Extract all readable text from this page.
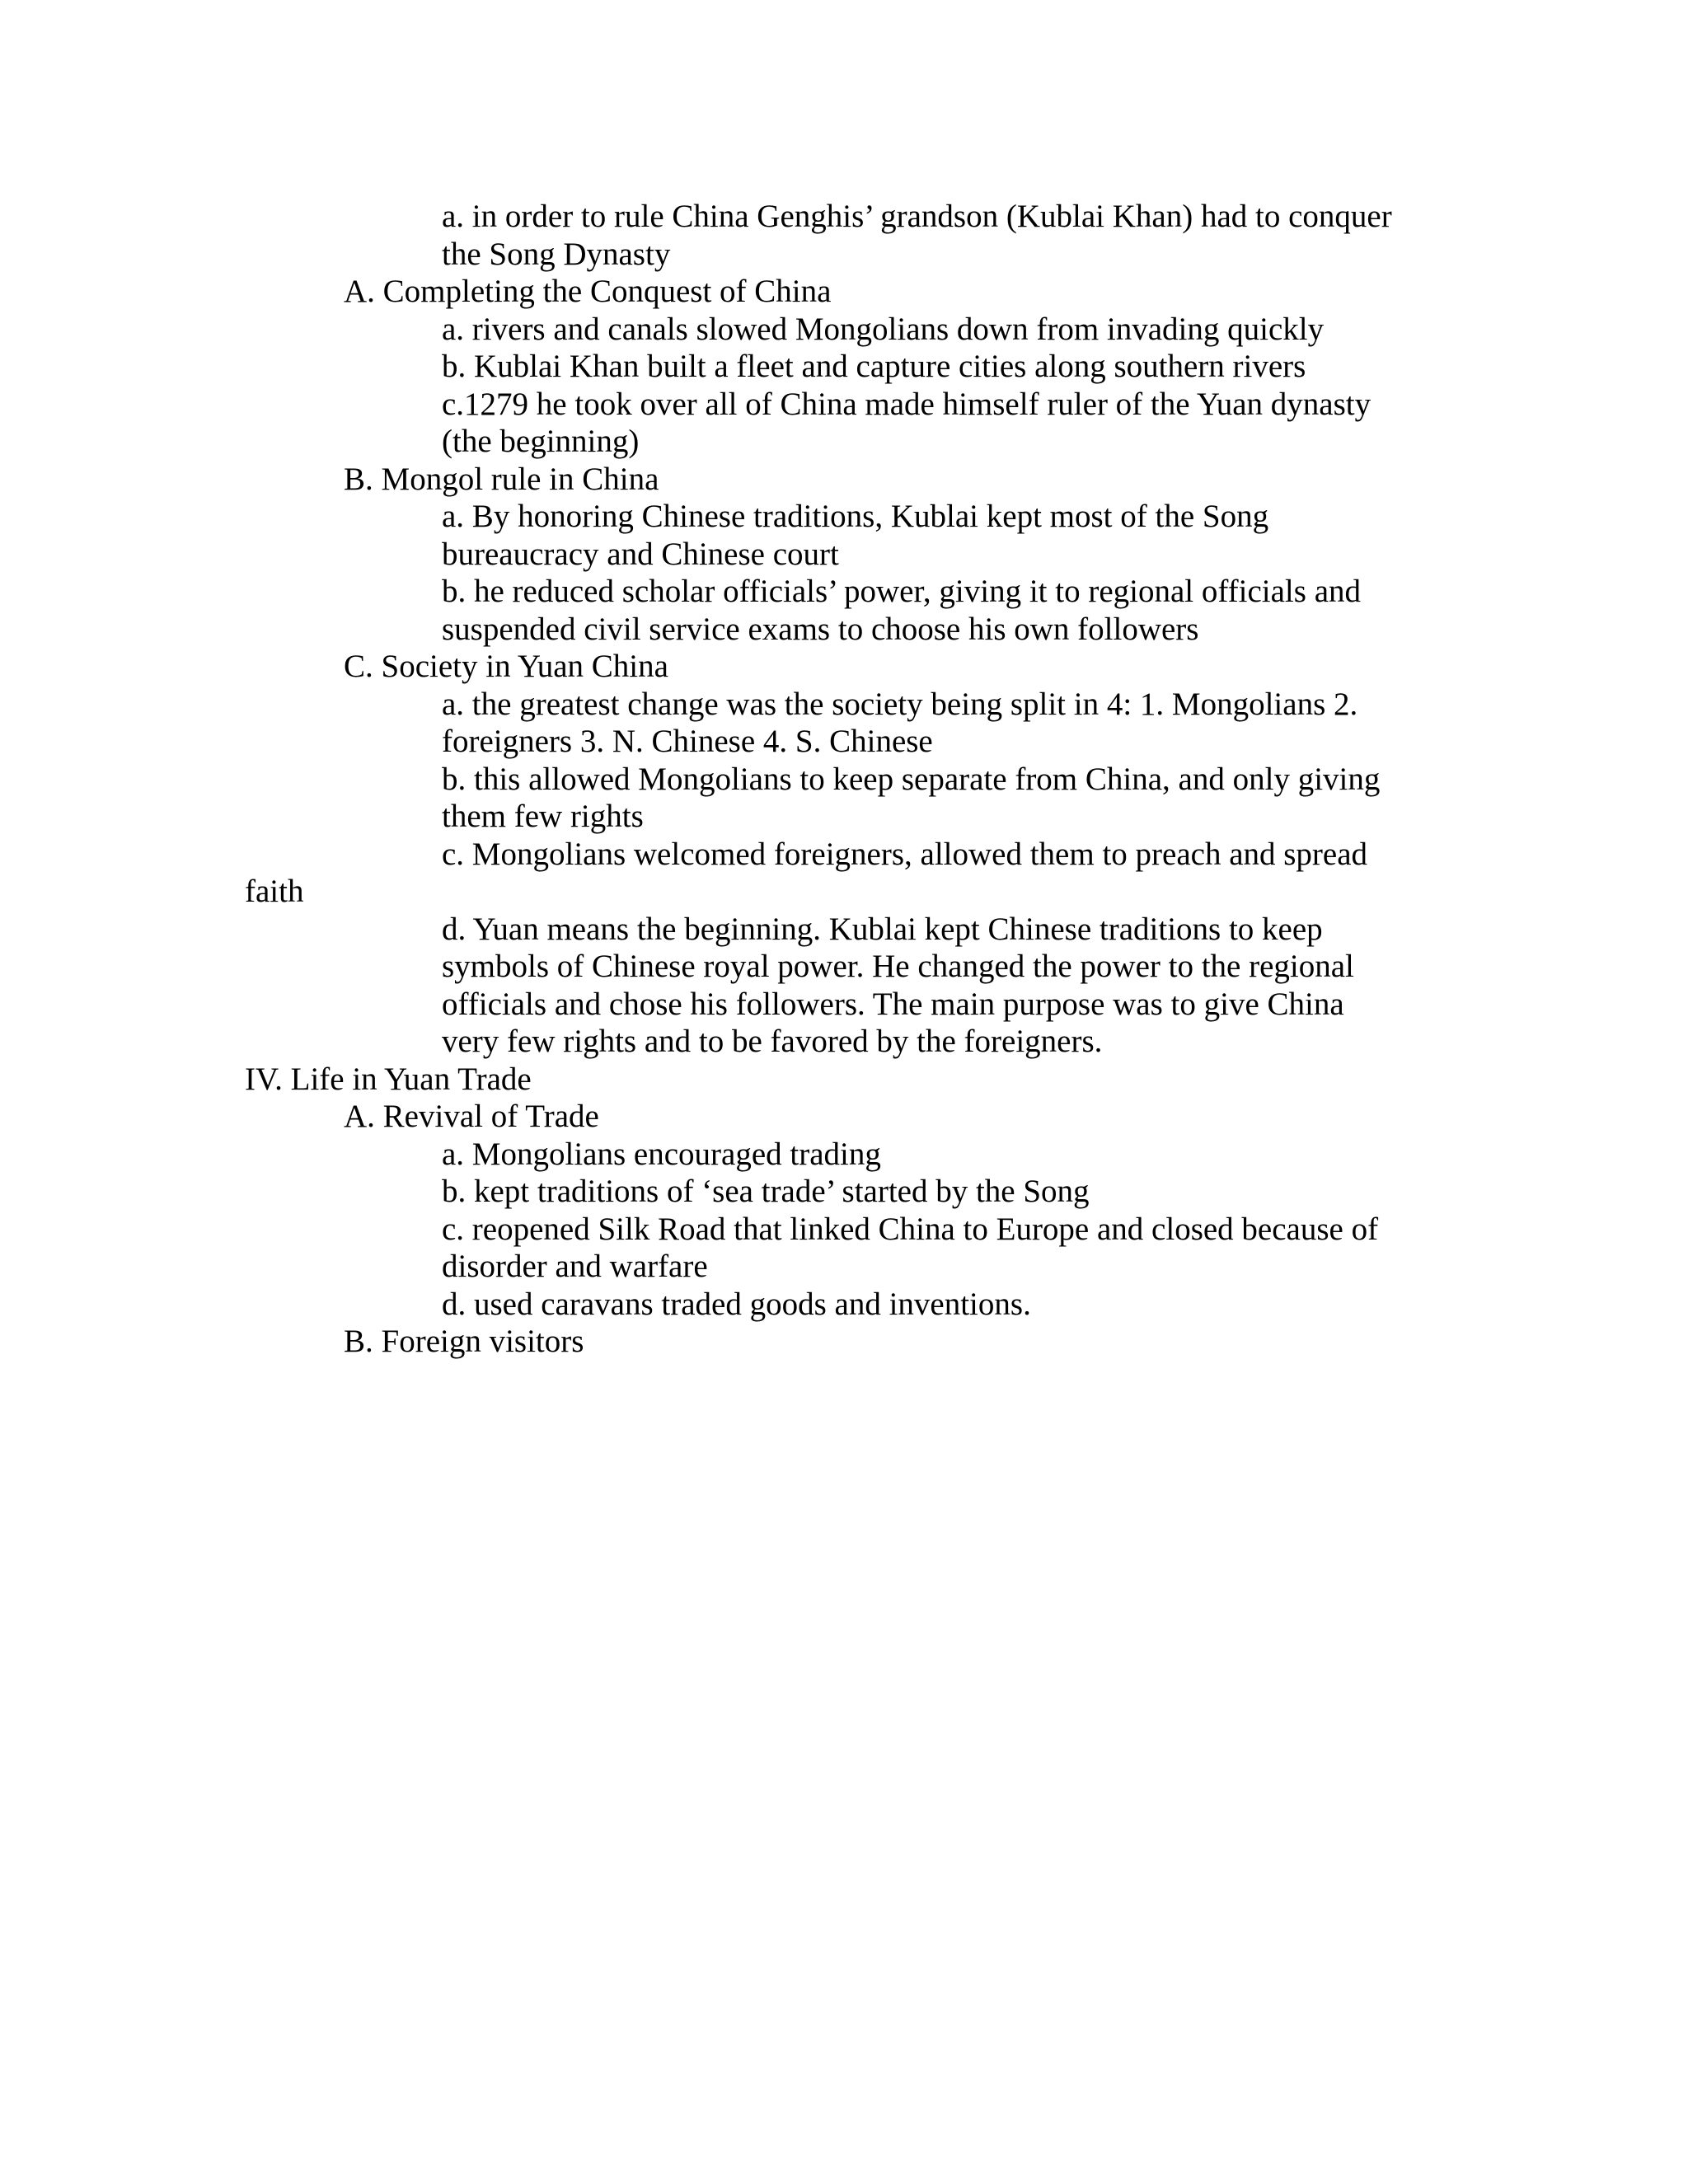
a. in order to rule China Genghis’ grandson (Kublai Khan) had to conquer

the Song Dynasty

A. Completing the Conquest of China

a. rivers and canals slowed Mongolians down from invading quickly

b. Kublai Khan built a fleet and capture cities along southern rivers

c.1279 he took over all of China made himself ruler of the Yuan dynasty

(the beginning)

B. Mongol rule in China

a. By honoring Chinese traditions, Kublai kept most of the Song

bureaucracy and Chinese court

b. he reduced scholar officials’ power, giving it to regional officials and

suspended civil service exams to choose his own followers

C. Society in Yuan China

a. the greatest change was the society being split in 4: 1. Mongolians 2.

foreigners 3. N. Chinese 4. S. Chinese

b. this allowed Mongolians to keep separate from China, and only giving

them few rights

c. Mongolians welcomed foreigners, allowed them to preach and spread

faith

d. Yuan means the beginning. Kublai kept Chinese traditions to keep

symbols of Chinese royal power. He changed the power to the regional

officials and chose his followers. The main purpose was to give China

very few rights and to be favored by the foreigners.

IV. Life in Yuan Trade

A. Revival of Trade

a. Mongolians encouraged trading

b. kept traditions of ‘sea trade’ started by the Song

c. reopened Silk Road that linked China to Europe and closed because of

disorder and warfare

d. used caravans traded goods and inventions.

B. Foreign visitors
